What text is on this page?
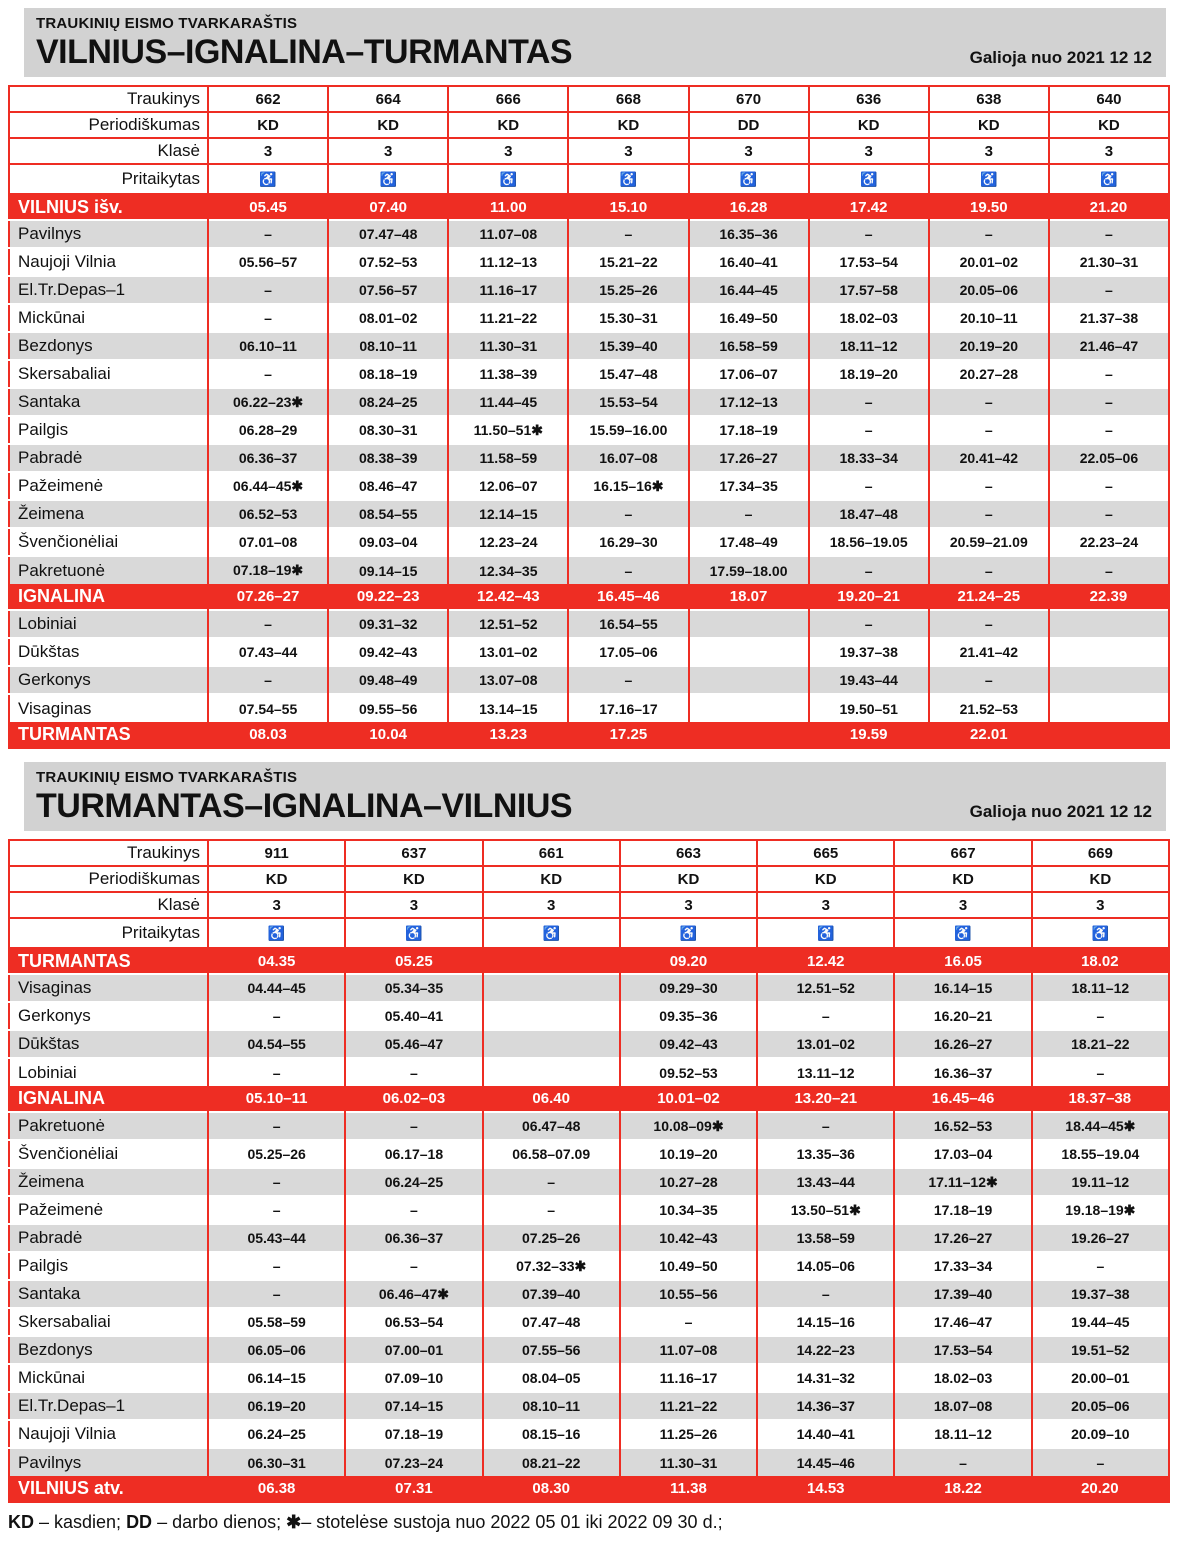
TRAUKINIŲ EISMO TVARKARAŠTIS
VILNIUS–IGNALINA–TURMANTAS	Galioja nuo 2021 12 12
Traukinys	662	664	666	668	670	636	638	640
Periodiškumas	KD	KD	KD	KD	DD	KD	KD	KD
Klasė	3	3	3	3	3	3	3	3
Pritaikytas	♿	♿	♿	♿	♿	♿	♿	♿
VILNIUS išv.	05.45	07.40	11.00	15.10	16.28	17.42	19.50	21.20
Pavilnys	–	07.47–48	11.07–08	–	16.35–36	–	–	–
Naujoji Vilnia	05.56–57	07.52–53	11.12–13	15.21–22	16.40–41	17.53–54	20.01–02	21.30–31
El.Tr.Depas–1	–	07.56–57	11.16–17	15.25–26	16.44–45	17.57–58	20.05–06	–
Mickūnai	–	08.01–02	11.21–22	15.30–31	16.49–50	18.02–03	20.10–11	21.37–38
Bezdonys	06.10–11	08.10–11	11.30–31	15.39–40	16.58–59	18.11–12	20.19–20	21.46–47
Skersabaliai	–	08.18–19	11.38–39	15.47–48	17.06–07	18.19–20	20.27–28	–
Santaka	06.22–23✱	08.24–25	11.44–45	15.53–54	17.12–13	–	–	–
Pailgis	06.28–29	08.30–31	11.50–51✱	15.59–16.00	17.18–19	–	–	–
Pabradė	06.36–37	08.38–39	11.58–59	16.07–08	17.26–27	18.33–34	20.41–42	22.05–06
Pažeimenė	06.44–45✱	08.46–47	12.06–07	16.15–16✱	17.34–35	–	–	–
Žeimena	06.52–53	08.54–55	12.14–15	–	–	18.47–48	–	–
Švenčionėliai	07.01–08	09.03–04	12.23–24	16.29–30	17.48–49	18.56–19.05	20.59–21.09	22.23–24
Pakretuonė	07.18–19✱	09.14–15	12.34–35	–	17.59–18.00	–	–	–
IGNALINA	07.26–27	09.22–23	12.42–43	16.45–46	18.07	19.20–21	21.24–25	22.39
Lobiniai	–	09.31–32	12.51–52	16.54–55		–	–	
Dūkštas	07.43–44	09.42–43	13.01–02	17.05–06		19.37–38	21.41–42	
Gerkonys	–	09.48–49	13.07–08	–		19.43–44	–	
Visaginas	07.54–55	09.55–56	13.14–15	17.16–17		19.50–51	21.52–53	
TURMANTAS	08.03	10.04	13.23	17.25		19.59	22.01	
TRAUKINIŲ EISMO TVARKARAŠTIS
TURMANTAS–IGNALINA–VILNIUS	Galioja nuo 2021 12 12
Traukinys	911	637	661	663	665	667	669
Periodiškumas	KD	KD	KD	KD	KD	KD	KD
Klasė	3	3	3	3	3	3	3
Pritaikytas	♿	♿	♿	♿	♿	♿	♿
TURMANTAS	04.35	05.25		09.20	12.42	16.05	18.02
Visaginas	04.44–45	05.34–35		09.29–30	12.51–52	16.14–15	18.11–12
Gerkonys	–	05.40–41		09.35–36	–	16.20–21	–
Dūkštas	04.54–55	05.46–47		09.42–43	13.01–02	16.26–27	18.21–22
Lobiniai	–	–		09.52–53	13.11–12	16.36–37	–
IGNALINA	05.10–11	06.02–03	06.40	10.01–02	13.20–21	16.45–46	18.37–38
Pakretuonė	–	–	06.47–48	10.08–09✱	–	16.52–53	18.44–45✱
Švenčionėliai	05.25–26	06.17–18	06.58–07.09	10.19–20	13.35–36	17.03–04	18.55–19.04
Žeimena	–	06.24–25	–	10.27–28	13.43–44	17.11–12✱	19.11–12
Pažeimenė	–	–	–	10.34–35	13.50–51✱	17.18–19	19.18–19✱
Pabradė	05.43–44	06.36–37	07.25–26	10.42–43	13.58–59	17.26–27	19.26–27
Pailgis	–	–	07.32–33✱	10.49–50	14.05–06	17.33–34	–
Santaka	–	06.46–47✱	07.39–40	10.55–56	–	17.39–40	19.37–38
Skersabaliai	05.58–59	06.53–54	07.47–48	–	14.15–16	17.46–47	19.44–45
Bezdonys	06.05–06	07.00–01	07.55–56	11.07–08	14.22–23	17.53–54	19.51–52
Mickūnai	06.14–15	07.09–10	08.04–05	11.16–17	14.31–32	18.02–03	20.00–01
El.Tr.Depas–1	06.19–20	07.14–15	08.10–11	11.21–22	14.36–37	18.07–08	20.05–06
Naujoji Vilnia	06.24–25	07.18–19	08.15–16	11.25–26	14.40–41	18.11–12	20.09–10
Pavilnys	06.30–31	07.23–24	08.21–22	11.30–31	14.45–46	–	–
VILNIUS atv.	06.38	07.31	08.30	11.38	14.53	18.22	20.20

KD – kasdien; DD – darbo dienos; ✱– stotelėse sustoja nuo 2022 05 01 iki 2022 09 30 d.;
